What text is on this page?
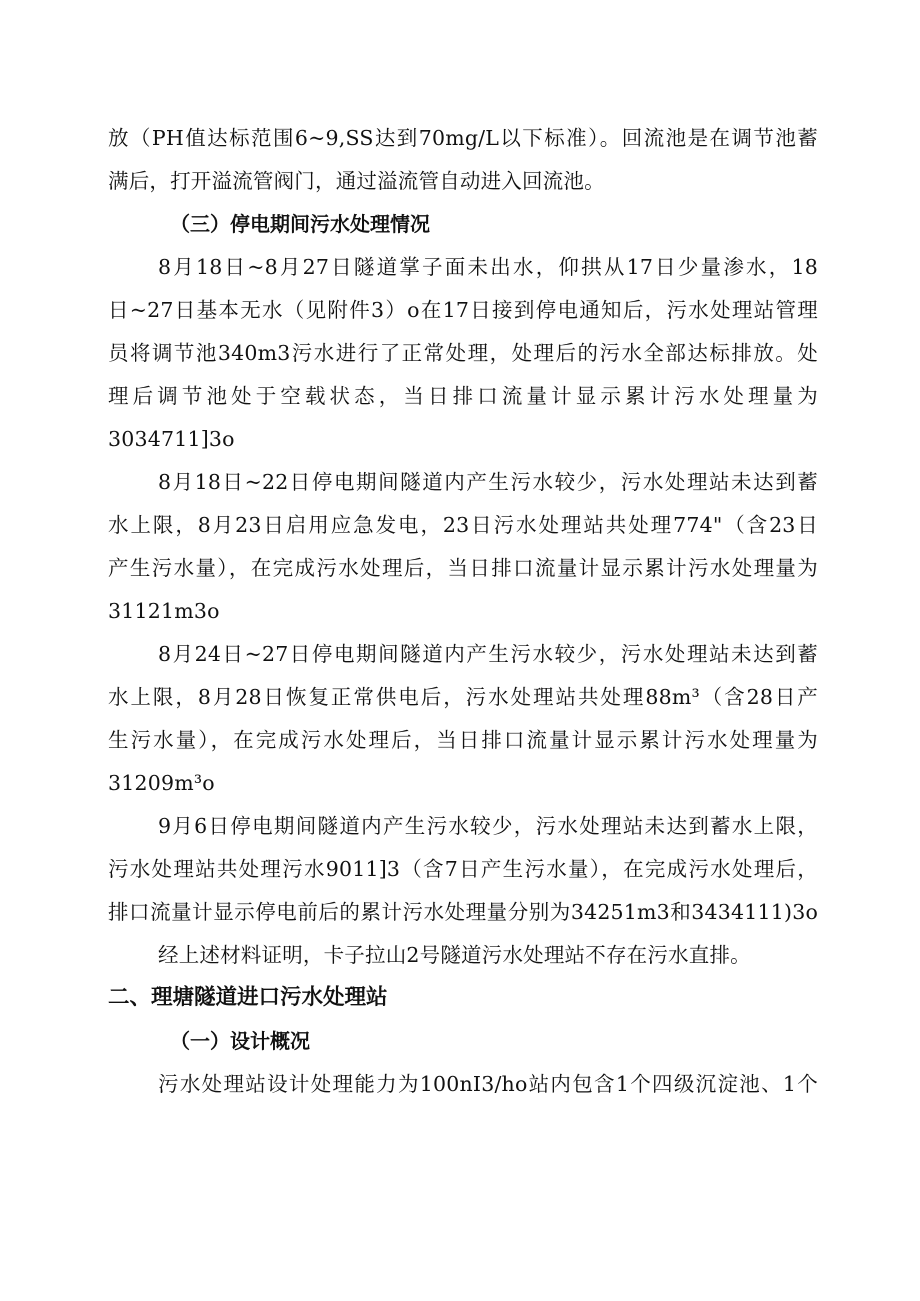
放（PH值达标范围6~9,SS达到70mg/L以下标准）。回流池是在调节池蓄

满后，打开溢流管阀门，通过溢流管自动进入回流池。

（三）停电期间污水处理情况

8月18日~8月27日隧道掌子面未出水，仰拱从17日少量渗水，18

日~27日基本无水（见附件3）o在17日接到停电通知后，污水处理站管理

员将调节池340m3污水进行了正常处理，处理后的污水全部达标排放。处

理后调节池处于空载状态，当日排口流量计显示累计污水处理量为

3034711]3o

8月18日~22日停电期间隧道内产生污水较少，污水处理站未达到蓄

水上限，8月23日启用应急发电，23日污水处理站共处理774"（含23日

产生污水量），在完成污水处理后，当日排口流量计显示累计污水处理量为

31121m3o

8月24日~27日停电期间隧道内产生污水较少，污水处理站未达到蓄

水上限，8月28日恢复正常供电后，污水处理站共处理88m³（含28日产

生污水量），在完成污水处理后，当日排口流量计显示累计污水处理量为

31209m³o

9月6日停电期间隧道内产生污水较少，污水处理站未达到蓄水上限，

污水处理站共处理污水9011]3（含7日产生污水量），在完成污水处理后，

排口流量计显示停电前后的累计污水处理量分别为34251m3和3434111)3o

经上述材料证明，卡子拉山2号隧道污水处理站不存在污水直排。

二、理塘隧道进口污水处理站
（一）设计概况

污水处理站设计处理能力为100nI3/ho站内包含1个四级沉淀池、1个
